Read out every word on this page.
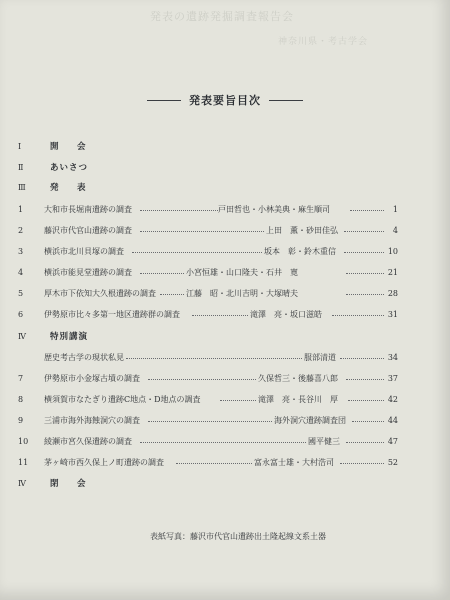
発表の遺跡発掘調査報告会
神奈川県・考古学会
発表要旨目次
Ⅰ	開　会
Ⅱ	あいさつ
Ⅲ	発　表
1	大和市長堀南遺跡の調査	戸田哲也・小林美典・麻生順司	1
2	藤沢市代官山遺跡の調査	上田　薫・砂田佳弘	4
3	横浜市北川貝塚の調査	坂本　彰・鈴木重信	10
4	横浜市能見堂遺跡の調査	小宮恒雄・山口隆夫・石井　寛	21
5	厚木市下依知大久根遺跡の調査	江藤　昭・北川吉明・大塚晴夫	28
6	伊勢原市比々多第一地区遺跡群の調査	滝澤　亮・坂口滋皓	31
Ⅳ	特別講演
歴史考古学の現状私見	服部清道	34
7	伊勢原市小金塚古墳の調査	久保哲三・後藤喜八郎	37
8	横須賀市なたぎり遺跡C地点・D地点の調査	滝澤　亮・長谷川　厚	42
9	三浦市海外海蝕洞穴の調査	海外洞穴遺跡調査団	44
10	綾瀬市宮久保遺跡の調査	國平健三	47
11	茅ヶ崎市西久保上ノ町遺跡の調査	富永富士雄・大村浩司	52
Ⅳ	閉　会
表紙写真：藤沢市代官山遺跡出土隆起線文系土器
